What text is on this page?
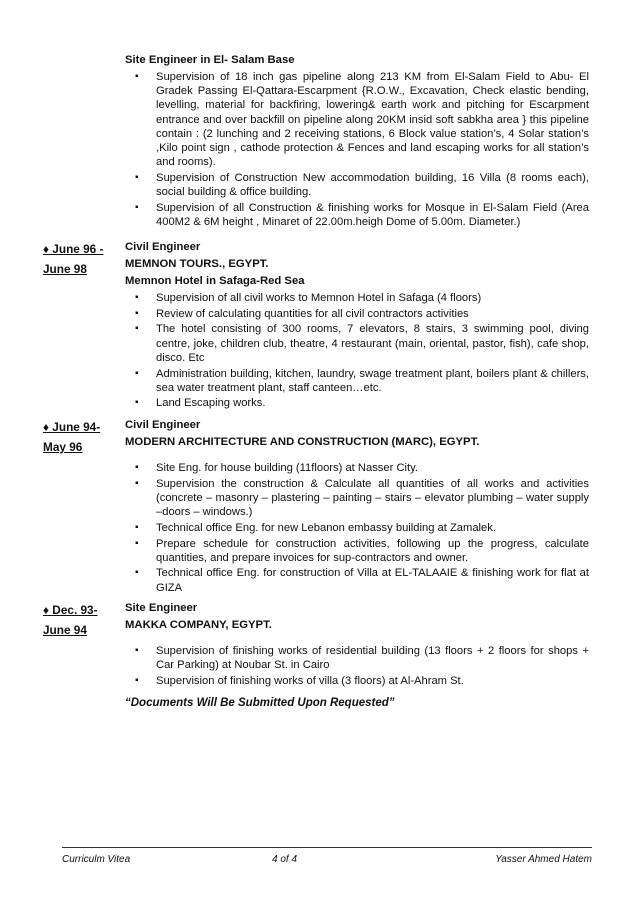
Site Engineer in El- Salam Base
▪ Supervision of 18 inch gas pipeline along 213 KM from El-Salam Field to Abu- El Gradek Passing El-Qattara-Escarpment {R.O.W., Excavation, Check elastic bending, levelling, material for backfiring, lowering& earth work and pitching for Escarpment entrance and over backfill on pipeline along 20KM insid soft sabkha area } this pipeline contain : (2 lunching and 2 receiving stations, 6 Block value station’s, 4 Solar station’s ,Kilo point sign , cathode protection & Fences and land escaping works for all station’s and rooms).
▪ Supervision of Construction New accommodation building, 16 Villa (8 rooms each), social building & office building.
▪ Supervision of all Construction & finishing works for Mosque in El-Salam Field (Area 400M2 & 6M height , Minaret of 22.00m.heigh Dome of 5.00m. Diameter.)
♦ June 96 -
June 98
Civil Engineer
MEMNON TOURS., EGYPT.
Memnon Hotel in Safaga-Red Sea
▪ Supervision of all civil works to Memnon Hotel in Safaga (4 floors)
▪ Review of calculating quantities for all civil contractors activities
▪ The hotel consisting of 300 rooms, 7 elevators, 8 stairs, 3 swimming pool, diving centre, joke, children club, theatre, 4 restaurant (main, oriental, pastor, fish), cafe shop, disco. Etc
▪ Administration building, kitchen, laundry, swage treatment plant, boilers plant & chillers, sea water treatment plant, staff canteen…etc.
▪ Land Escaping works.
♦ June 94-
May 96
Civil Engineer
MODERN ARCHITECTURE AND CONSTRUCTION (MARC), EGYPT.
▪ Site Eng. for house building (11floors) at Nasser City.
▪ Supervision the construction & Calculate all quantities of all works and activities (concrete – masonry – plastering – painting – stairs – elevator plumbing – water supply –doors – windows.)
▪ Technical office Eng. for new Lebanon embassy building at Zamalek.
▪ Prepare schedule for construction activities, following up the progress, calculate quantities, and prepare invoices for sup-contractors and owner.
▪ Technical office Eng. for construction of Villa at EL-TALAAIE & finishing work for flat at GIZA
♦ Dec. 93-
June 94
Site Engineer
MAKKA COMPANY, EGYPT.
▪ Supervision of finishing works of residential building (13 floors + 2 floors for shops + Car Parking) at Noubar St. in Cairo
▪ Supervision of finishing works of villa (3 floors) at Al-Ahram St.
“Documents Will Be Submitted Upon Requested”
Curriculm Vitea	4 of 4	Yasser Ahmed Hatem
